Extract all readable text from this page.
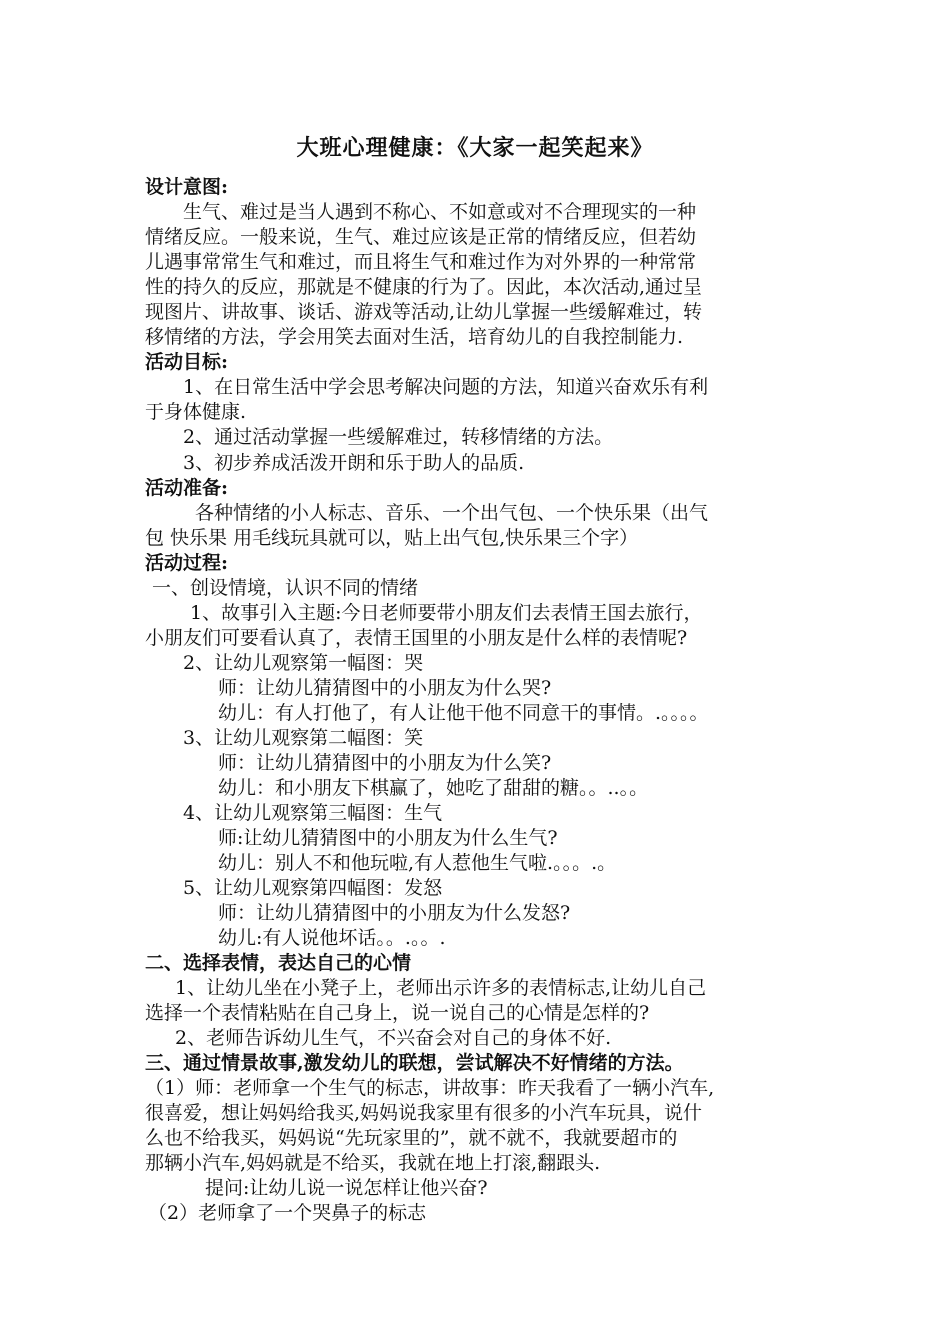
大班心理健康：《大家一起笑起来》
设计意图:
生气、难过是当人遇到不称心、不如意或对不合理现实的一种
情绪反应。一般来说，生气、难过应该是正常的情绪反应，但若幼
儿遇事常常生气和难过，而且将生气和难过作为对外界的一种常常
性的持久的反应，那就是不健康的行为了。因此，本次活动,通过呈
现图片、讲故事、谈话、游戏等活动,让幼儿掌握一些缓解难过，转
移情绪的方法，学会用笑去面对生活，培育幼儿的自我控制能力.
活动目标:
1、在日常生活中学会思考解决问题的方法，知道兴奋欢乐有利
于身体健康.
2、通过活动掌握一些缓解难过，转移情绪的方法。
3、初步养成活泼开朗和乐于助人的品质.
活动准备:
各种情绪的小人标志、音乐、一个出气包、一个快乐果（出气
包 快乐果 用毛线玩具就可以，贴上出气包,快乐果三个字）
活动过程:
一、创设情境，认识不同的情绪
1、故事引入主题:今日老师要带小朋友们去表情王国去旅行，
小朋友们可要看认真了，表情王国里的小朋友是什么样的表情呢?
2、让幼儿观察第一幅图：哭
师：让幼儿猜猜图中的小朋友为什么哭?
幼儿：有人打他了，有人让他干他不同意干的事情。.。。。。
3、让幼儿观察第二幅图：笑
师：让幼儿猜猜图中的小朋友为什么笑?
幼儿：和小朋友下棋赢了，她吃了甜甜的糖。。..。。
4、让幼儿观察第三幅图：生气
师:让幼儿猜猜图中的小朋友为什么生气?
幼儿：别人不和他玩啦,有人惹他生气啦.。。。.。
5、让幼儿观察第四幅图：发怒
师：让幼儿猜猜图中的小朋友为什么发怒?
幼儿:有人说他坏话。。.。。.
二、选择表情，表达自己的心情
1、让幼儿坐在小凳子上，老师出示许多的表情标志,让幼儿自己
选择一个表情粘贴在自己身上，说一说自己的心情是怎样的?
2、老师告诉幼儿生气，不兴奋会对自己的身体不好.
三、通过情景故事,激发幼儿的联想，尝试解决不好情绪的方法。
（1）师：老师拿一个生气的标志，讲故事：昨天我看了一辆小汽车,
很喜爱，想让妈妈给我买,妈妈说我家里有很多的小汽车玩具，说什
么也不给我买，妈妈说“先玩家里的”，就不就不，我就要超市的
那辆小汽车,妈妈就是不给买，我就在地上打滚,翻跟头.
提问:让幼儿说一说怎样让他兴奋?
（2）老师拿了一个哭鼻子的标志
